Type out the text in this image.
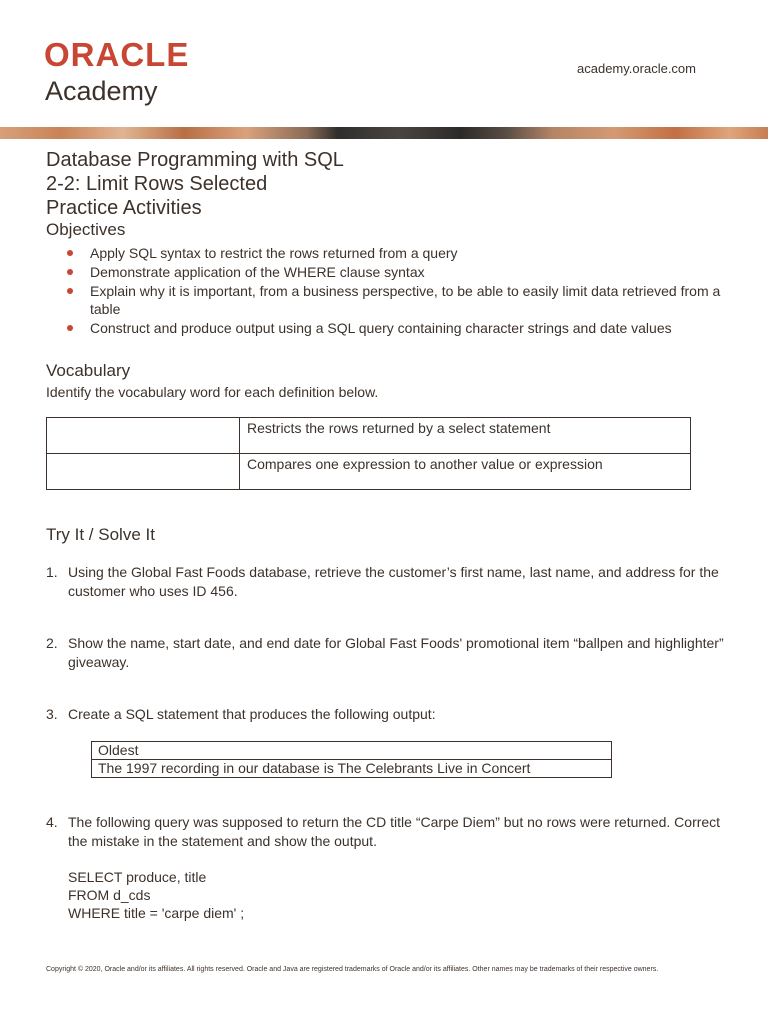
ORACLE
Academy
academy.oracle.com
Database Programming with SQL
2-2: Limit Rows Selected
Practice Activities
Objectives
Apply SQL syntax to restrict the rows returned from a query
Demonstrate application of the WHERE clause syntax
Explain why it is important, from a business perspective, to be able to easily limit data retrieved from a table
Construct and produce output using a SQL query containing character strings and date values
Vocabulary
Identify the vocabulary word for each definition below.
	Restricts the rows returned by a select statement
	Compares one expression to another value or expression
Try It / Solve It
1. Using the Global Fast Foods database, retrieve the customer’s first name, last name, and address for the customer who uses ID 456.
2. Show the name, start date, and end date for Global Fast Foods' promotional item “ballpen and highlighter” giveaway.
3. Create a SQL statement that produces the following output:
Oldest
The 1997 recording in our database is The Celebrants Live in Concert
4. The following query was supposed to return the CD title “Carpe Diem” but no rows were returned. Correct the mistake in the statement and show the output.
SELECT produce, title
FROM d_cds
WHERE title = 'carpe diem' ;
Copyright © 2020, Oracle and/or its affiliates. All rights reserved. Oracle and Java are registered trademarks of Oracle and/or its affiliates. Other names may be trademarks of their respective owners.
